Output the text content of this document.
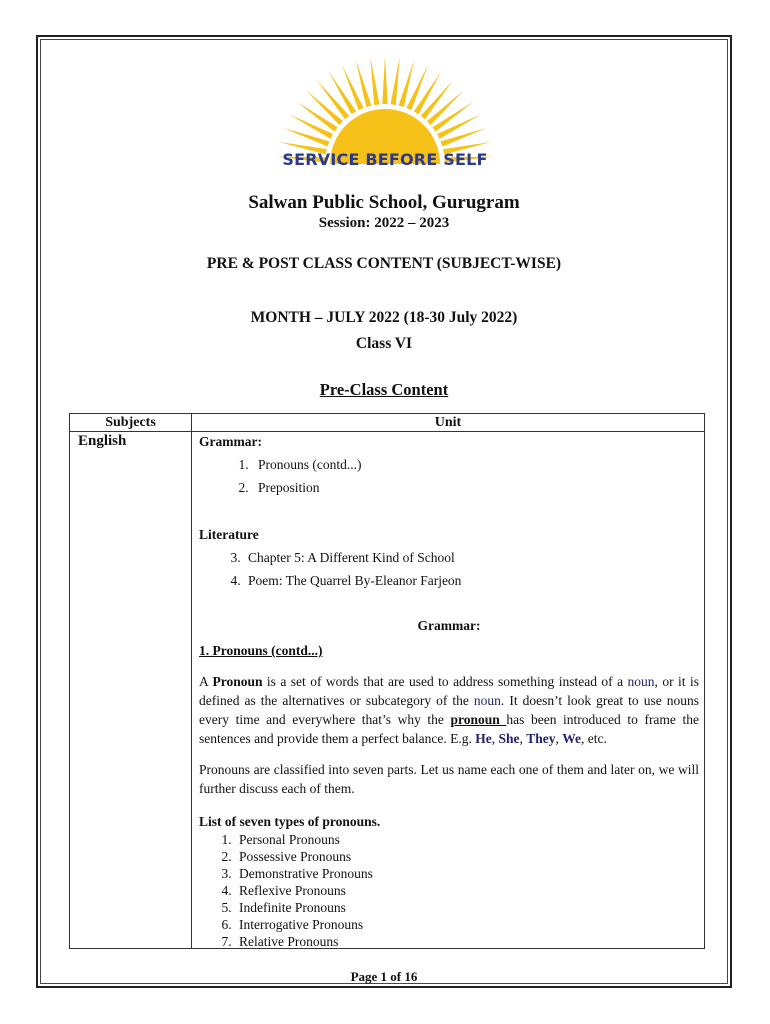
SERVICE BEFORE SELF
Salwan Public School, Gurugram
Session: 2022 – 2023
PRE & POST CLASS CONTENT (SUBJECT-WISE)
MONTH – JULY 2022 (18-30 July 2022)
Class VI
Pre-Class Content
Subjects	Unit
English	Grammar:

1. Pronouns (contd...)
2. Preposition

Literature

3. Chapter 5: A Different Kind of School
4. Poem: The Quarrel By-Eleanor Farjeon

Grammar:

1. Pronouns (contd...)

A Pronoun is a set of words that are used to address something instead of a noun, or it is defined as the alternatives or subcategory of the noun. It doesn’t look great to use nouns every time and everywhere that’s why the pronoun has been introduced to frame the sentences and provide them a perfect balance. E.g. He, She, They, We, etc.

Pronouns are classified into seven parts. Let us name each one of them and later on, we will further discuss each of them.

List of seven types of pronouns.

1. Personal Pronouns
2. Possessive Pronouns
3. Demonstrative Pronouns
4. Reflexive Pronouns
5. Indefinite Pronouns
6. Interrogative Pronouns
7. Relative Pronouns
Page 1 of 16
